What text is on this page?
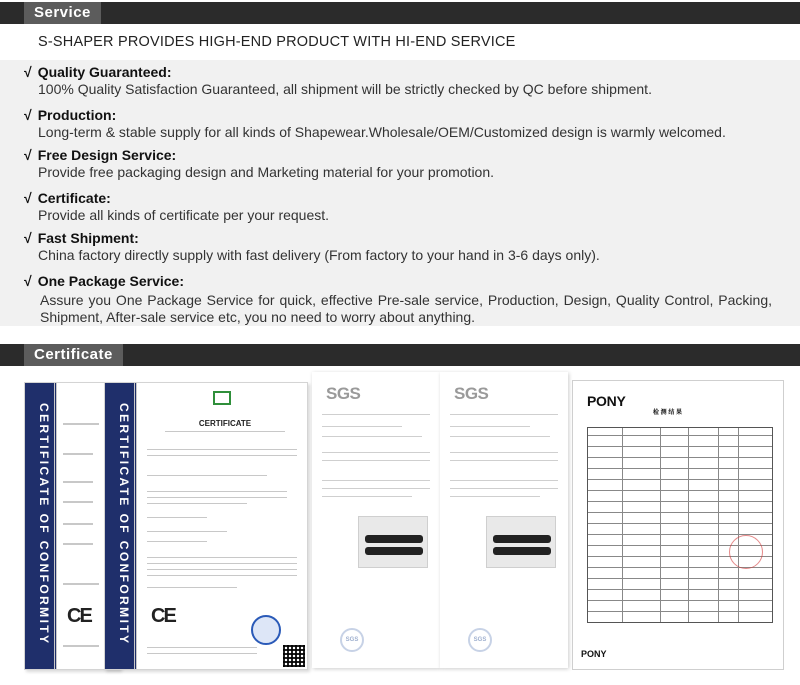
Service
S-SHAPER PROVIDES HIGH-END PRODUCT WITH HI-END SERVICE
√ Quality Guaranteed:
100% Quality Satisfaction Guaranteed, all shipment will be strictly checked by QC before shipment.
√ Production:
Long-term & stable supply for all kinds of Shapewear.Wholesale/OEM/Customized design is warmly welcomed.
√ Free Design Service:
Provide free packaging design and Marketing material for your promotion.
√ Certificate:
Provide all kinds of certificate per your request.
√ Fast Shipment:
China factory directly supply with fast delivery (From factory to your hand in 3-6 days only).
√ One Package Service:
Assure you One Package Service for quick, effective Pre-sale service, Production, Design, Quality Control, Packing, Shipment, After-sale service etc, you no need to worry about anything.
Certificate
CERTIFICATE OF CONFORMITY CE	CERTIFICATE OF CONFORMITY	CERTIFICATE
CE
SGS
SGS
SGS
SGS
PONY
检 测 结 果
PONY
